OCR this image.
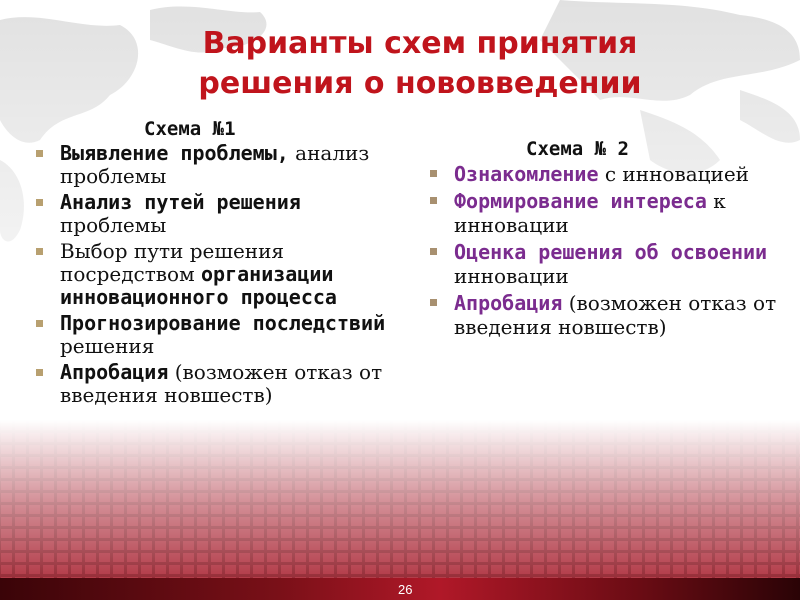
Варианты схем принятия
решения о нововведении
Схема №1
Выявление проблемы, анализ проблемы
Анализ путей решения проблемы
Выбор пути решения посредством организации инновационного процесса
Прогнозирование последствий решения
Апробация (возможен отказ от введения новшеств)
Схема № 2
Ознакомление с инновацией
Формирование интереса к инновации
Оценка решения об освоении инновации
Апробация (возможен отказ от введения новшеств)
26
